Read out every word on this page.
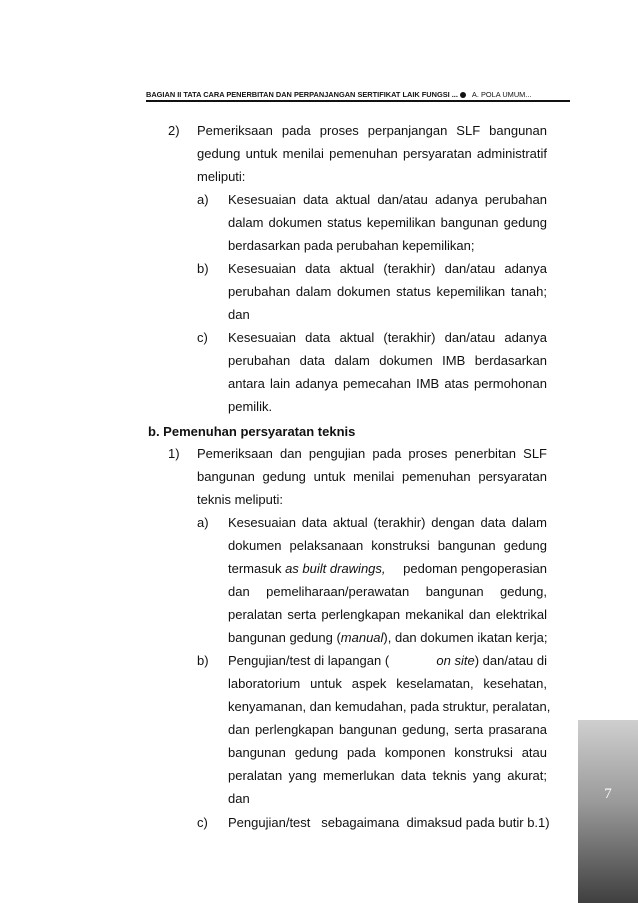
BAGIAN II TATA CARA PENERBITAN DAN PERPANJANGAN SERTIFIKAT LAIK FUNGSI ... A. POLA UMUM...
2) Pemeriksaan pada proses perpanjangan SLF bangunan
gedung untuk menilai pemenuhan persyaratan administratif
meliputi:
a) Kesesuaian data aktual dan/atau adanya perubahan
dalam dokumen status kepemilikan bangunan gedung
berdasarkan pada perubahan kepemilikan;
b) Kesesuaian data aktual (terakhir) dan/atau adanya
perubahan dalam dokumen status kepemilikan tanah;
dan
c) Kesesuaian data aktual (terakhir) dan/atau adanya
perubahan data dalam dokumen IMB berdasarkan
antara lain adanya pemecahan IMB atas permohonan
pemilik.
b. Pemenuhan persyaratan teknis
1) Pemeriksaan dan pengujian pada proses penerbitan SLF
bangunan gedung untuk menilai pemenuhan persyaratan
teknis meliputi:
a) Kesesuaian data aktual (terakhir) dengan data dalam
dokumen pelaksanaan konstruksi bangunan gedung
termasuk as built drawings, pedoman pengoperasian
dan pemeliharaan/perawatan bangunan gedung,
peralatan serta perlengkapan mekanikal dan elektrikal
bangunan gedung (manual), dan dokumen ikatan kerja;
b) Pengujian/test di lapangan (	on site) dan/atau di
laboratorium untuk aspek keselamatan, kesehatan,
kenyamanan, dan kemudahan, pada struktur, peralatan,
dan perlengkapan bangunan gedung, serta prasarana
bangunan gedung pada komponen konstruksi atau
peralatan yang memerlukan data teknis yang akurat;
dan
c) Pengujian/test   sebagaimana  dimaksud pada butir b.1)
7
